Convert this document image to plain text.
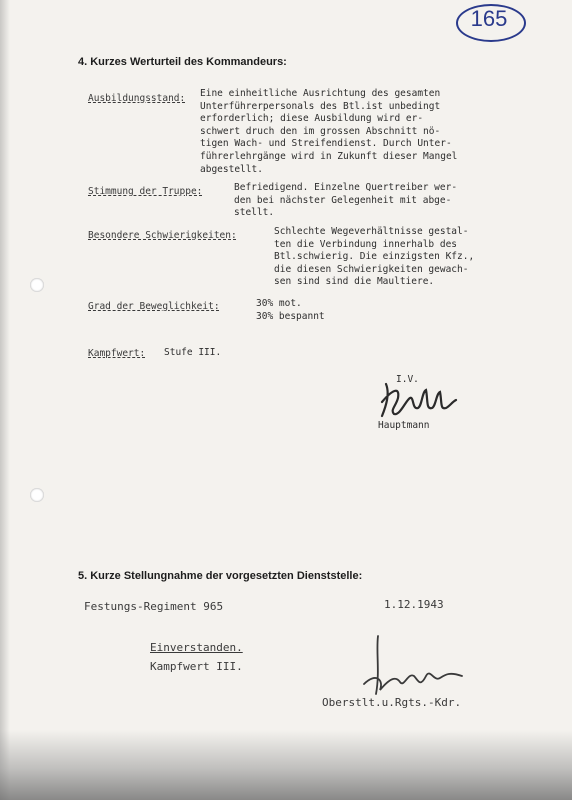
165
4. Kurzes Werturteil des Kommandeurs:
Ausbildungsstand: Eine einheitliche Ausrichtung des gesamten
Unterführerpersonals des Btl.ist unbedingt
erforderlich; diese Ausbildung wird er-
schwert druch den im grossen Abschnitt nö-
tigen Wach- und Streifendienst. Durch Unter-
führerlehrgänge wird in Zukunft dieser Mangel
abgestellt.
Stimmung der Truppe:	Befriedigend. Einzelne Quertreiber wer-
den bei nächster Gelegenheit mit abge-
stellt.
Besondere Schwierigkeiten:	Schlechte Wegeverhältnisse gestal-
ten die Verbindung innerhalb des
Btl.schwierig. Die einzigsten Kfz.,
die diesen Schwierigkeiten gewach-
sen sind sind die Maultiere.
Grad der Beweglichkeit:	30% mot.
30% bespannt
Kampfwert: Stufe III.
I.V.
Hauptmann
5. Kurze Stellungnahme der vorgesetzten Dienststelle:
Festungs-Regiment 965	1.12.1943
Einverstanden.
Kampfwert III.
Oberstlt.u.Rgts.-Kdr.
